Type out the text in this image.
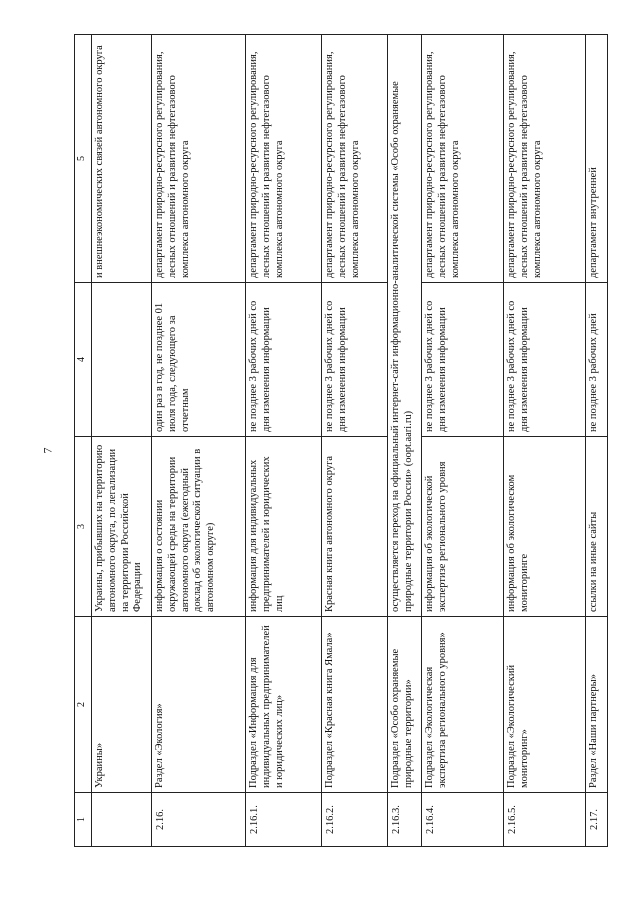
7
1	2	3	4	5
	Украины»	Украины, прибывших на территорию автономного округа, по легализации на территории Российской Федерации		и внешнеэкономических связей автономного округа
2.16.	Раздел «Экология»	информация о состоянии окружающей среды на территории автономного округа (ежегодный доклад об экологической ситуации в автономном округе)	один раз в год, не позднее 01 июля года, следующего за отчетным	департамент природно-ресурсного регулирования, лесных отношений и развития нефтегазового комплекса автономного округа
2.16.1.	Подраздел «Информация для индивидуальных предпринимателей и юридических лиц»	информация для индивидуальных предпринимателей и юридических лиц	не позднее 3 рабочих дней со дня изменения информации	департамент природно-ресурсного регулирования, лесных отношений и развития нефтегазового комплекса автономного округа
2.16.2.	Подраздел «Красная книга Ямала»	Красная книга автономного округа	не позднее 3 рабочих дней со дня изменения информации	департамент природно-ресурсного регулирования, лесных отношений и развития нефтегазового комплекса автономного округа
2.16.3.	Подраздел «Особо охраняемые природные территории»	осуществляется переход на официальный интернет-сайт информационно-аналитической системы «Особо охраняемые природные территории России» (oopt.aari.ru)		
2.16.4.	Подраздел «Экологическая экспертиза регионального уровня»	информация об экологической экспертизе регионального уровня	не позднее 3 рабочих дней со дня изменения информации	департамент природно-ресурсного регулирования, лесных отношений и развития нефтегазового комплекса автономного округа
2.16.5.	Подраздел «Экологический мониторинг»	информация об экологическом мониторинге	не позднее 3 рабочих дней со дня изменения информации	департамент природно-ресурсного регулирования, лесных отношений и развития нефтегазового комплекса автономного округа
2.17.	Раздел «Наши партнеры»	ссылки на иные сайты	не позднее 3 рабочих дней	департамент внутренней
